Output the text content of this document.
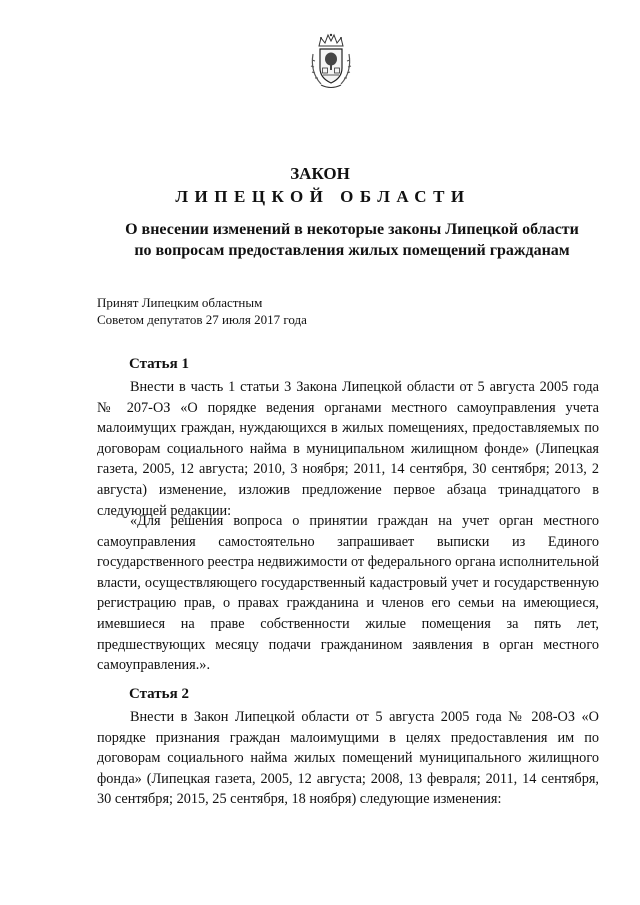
ЗАКОН
ЛИПЕЦКОЙ ОБЛАСТИ

О внесении изменений в некоторые законы Липецкой области по вопросам предоставления жилых помещений гражданам

Принят Липецким областным
Советом депутатов 27 июля 2017 года

Статья 1

Внести в часть 1 статьи 3 Закона Липецкой области от 5 августа 2005 года № 207-ОЗ «О порядке ведения органами местного самоуправления учета малоимущих граждан, нуждающихся в жилых помещениях, предоставляемых по договорам социального найма в муниципальном жилищном фонде» (Липецкая газета, 2005, 12 августа; 2010, 3 ноября; 2011, 14 сентября, 30 сентября; 2013, 2 августа) изменение, изложив предложение первое абзаца тринадцатого в следующей редакции:

«Для решения вопроса о принятии граждан на учет орган местного самоуправления самостоятельно запрашивает выписки из Единого государственного реестра недвижимости от федерального органа исполнительной власти, осуществляющего государственный кадастровый учет и государственную регистрацию прав, о правах гражданина и членов его семьи на имеющиеся, имевшиеся на праве собственности жилые помещения за пять лет, предшествующих месяцу подачи гражданином заявления в орган местного самоуправления.».

Статья 2

Внести в Закон Липецкой области от 5 августа 2005 года № 208-ОЗ «О порядке признания граждан малоимущими в целях предоставления им по договорам социального найма жилых помещений муниципального жилищного фонда» (Липецкая газета, 2005, 12 августа; 2008, 13 февраля; 2011, 14 сентября, 30 сентября; 2015, 25 сентября, 18 ноября) следующие изменения:
